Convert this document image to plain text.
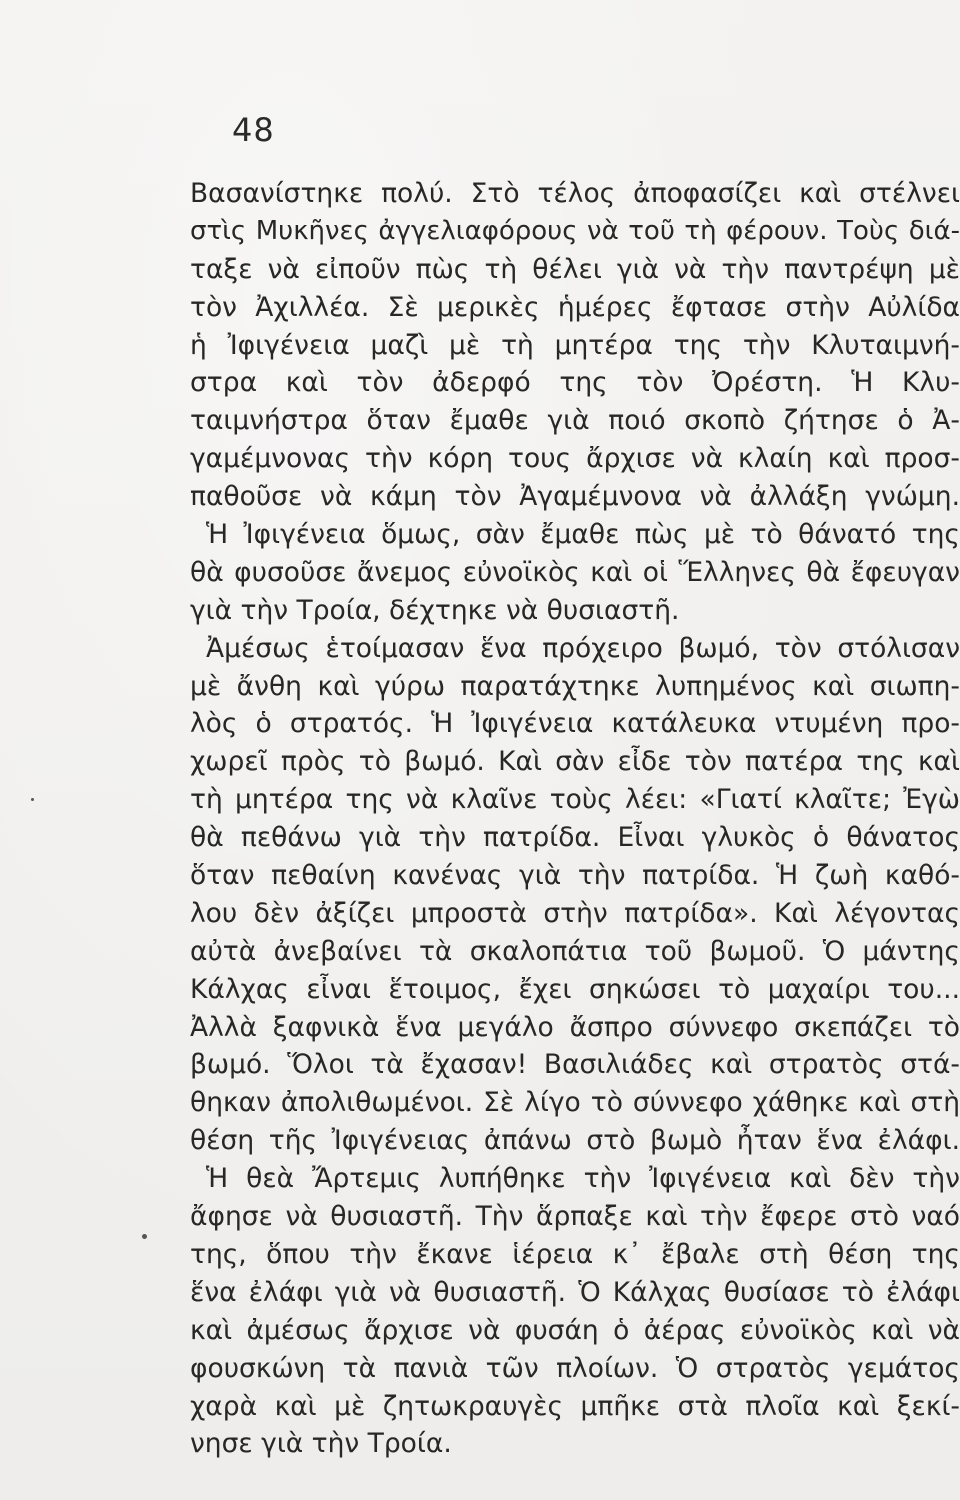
48
Βασανίστηκε πολύ. Στὸ τέλος ἀποφασίζει καὶ στέλνει
στὶς Μυκῆνες ἀγγελιαφόρους νὰ τοῦ τὴ φέρουν. Τοὺς διά-
ταξε νὰ εἰποῦν πὼς τὴ θέλει γιὰ νὰ τὴν παντρέψη μὲ
τὸν Ἀχιλλέα. Σὲ μερικὲς ἡμέρες ἔφτασε στὴν Αὐλίδα
ἡ Ἰφιγένεια μαζὶ μὲ τὴ μητέρα της τὴν Κλυταιμνή-
στρα καὶ τὸν ἀδερφό της τὸν Ὀρέστη. Ἡ Κλυ-
ταιμνήστρα ὅταν ἔμαθε γιὰ ποιό σκοπὸ ζήτησε ὁ Ἀ-
γαμέμνονας τὴν κόρη τους ἄρχισε νὰ κλαίη καὶ προσ-
παθοῦσε νὰ κάμη τὸν Ἀγαμέμνονα νὰ ἀλλάξη γνώμη.
Ἡ Ἰφιγένεια ὅμως, σὰν ἔμαθε πὼς μὲ τὸ θάνατό της
θὰ φυσοῦσε ἄνεμος εὐνοϊκὸς καὶ οἱ Ἕλληνες θὰ ἔφευγαν
γιὰ τὴν Τροία, δέχτηκε νὰ θυσιαστῆ.
Ἀμέσως ἑτοίμασαν ἕνα πρόχειρο βωμό, τὸν στόλισαν
μὲ ἄνθη καὶ γύρω παρατάχτηκε λυπημένος καὶ σιωπη-
λὸς ὁ στρατός. Ἡ Ἰφιγένεια κατάλευκα ντυμένη προ-
χωρεῖ πρὸς τὸ βωμό. Καὶ σὰν εἶδε τὸν πατέρα της καὶ
τὴ μητέρα της νὰ κλαῖνε τοὺς λέει: «Γιατί κλαῖτε; Ἐγὼ
θὰ πεθάνω γιὰ τὴν πατρίδα. Εἶναι γλυκὸς ὁ θάνατος
ὅταν πεθαίνη κανένας γιὰ τὴν πατρίδα. Ἡ ζωὴ καθό-
λου δὲν ἀξίζει μπροστὰ στὴν πατρίδα». Καὶ λέγοντας
αὐτὰ ἀνεβαίνει τὰ σκαλοπάτια τοῦ βωμοῦ. Ὁ μάντης
Κάλχας εἶναι ἕτοιμος, ἔχει σηκώσει τὸ μαχαίρι του...
Ἀλλὰ ξαφνικὰ ἕνα μεγάλο ἄσπρο σύννεφο σκεπάζει τὸ
βωμό. Ὅλοι τὰ ἔχασαν! Βασιλιάδες καὶ στρατὸς στά-
θηκαν ἀπολιθωμένοι. Σὲ λίγο τὸ σύννεφο χάθηκε καὶ στὴ
θέση τῆς Ἰφιγένειας ἀπάνω στὸ βωμὸ ἦταν ἕνα ἐλάφι.
Ἡ θεὰ Ἄρτεμις λυπήθηκε τὴν Ἰφιγένεια καὶ δὲν τὴν
ἄφησε νὰ θυσιαστῆ. Τὴν ἅρπαξε καὶ τὴν ἔφερε στὸ ναό
της, ὅπου τὴν ἔκανε ἱέρεια κ᾽ ἔβαλε στὴ θέση της
ἕνα ἐλάφι γιὰ νὰ θυσιαστῆ. Ὁ Κάλχας θυσίασε τὸ ἐλάφι
καὶ ἀμέσως ἄρχισε νὰ φυσάη ὁ ἀέρας εὐνοϊκὸς καὶ νὰ
φουσκώνη τὰ πανιὰ τῶν πλοίων. Ὁ στρατὸς γεμάτος
χαρὰ καὶ μὲ ζητωκραυγὲς μπῆκε στὰ πλοῖα καὶ ξεκί-
νησε γιὰ τὴν Τροία.
